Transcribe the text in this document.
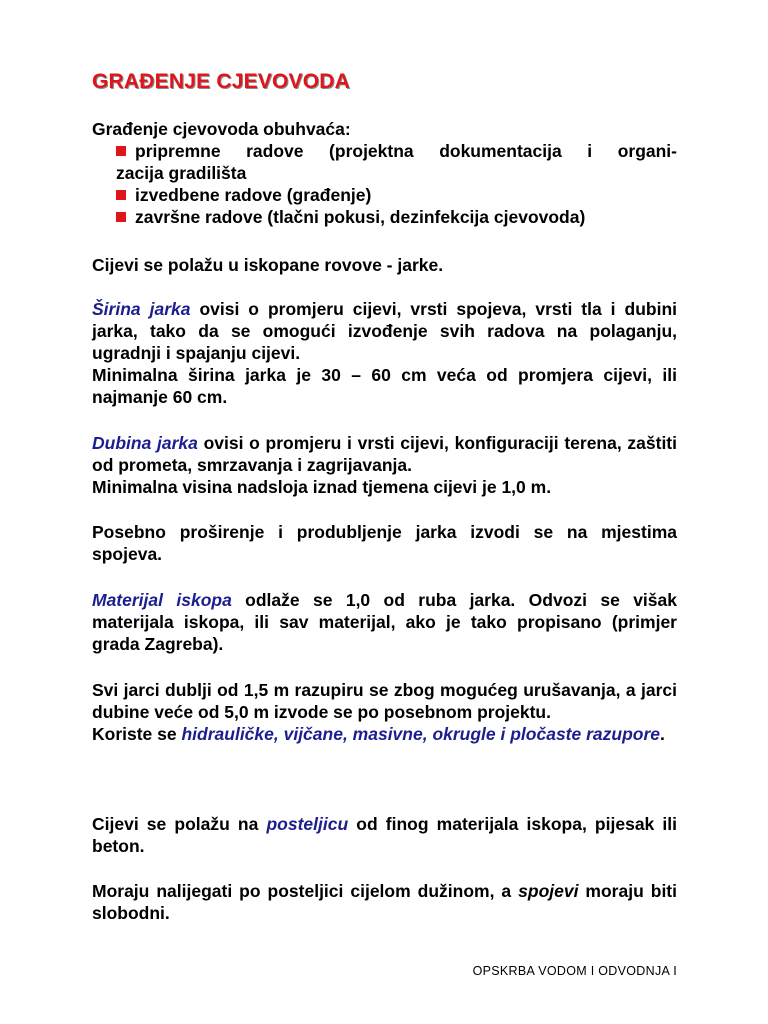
GRAĐENJE CJEVOVODA
Građenje cjevovoda obuhvaća:
pripremne radove (projektna dokumentacija i organi-
zacija gradilišta
izvedbene radove (građenje)
završne radove (tlačni pokusi, dezinfekcija cjevovoda)
Cijevi se polažu u iskopane rovove - jarke.
Širina jarka ovisi o promjeru cijevi, vrsti spojeva, vrsti tla i dubini jarka, tako da se omogući izvođenje svih radova na polaganju, ugradnji i spajanju cijevi.
Minimalna širina jarka je 30 – 60 cm veća od promjera cijevi, ili najmanje 60 cm.
Dubina jarka ovisi o promjeru i vrsti cijevi, konfiguraciji terena, zaštiti od prometa, smrzavanja i zagrijavanja.
Minimalna visina nadsloja iznad tjemena cijevi je 1,0 m.
Posebno proširenje i produbljenje jarka izvodi se na mjestima spojeva.
Materijal iskopa odlaže se 1,0 od ruba jarka. Odvozi se višak materijala iskopa, ili sav materijal, ako je tako propisano (primjer grada Zagreba).
Svi jarci dublji od 1,5 m razupiru se zbog mogućeg urušavanja, a jarci dubine veće od 5,0 m izvode se po posebnom projektu.
Koriste se hidrauličke, vijčane, masivne, okrugle i pločaste razupore.
Cijevi se polažu na posteljicu od finog materijala iskopa, pijesak ili beton.
Moraju nalijegati po posteljici cijelom dužinom, a spojevi moraju biti slobodni.
OPSKRBA VODOM I ODVODNJA I
